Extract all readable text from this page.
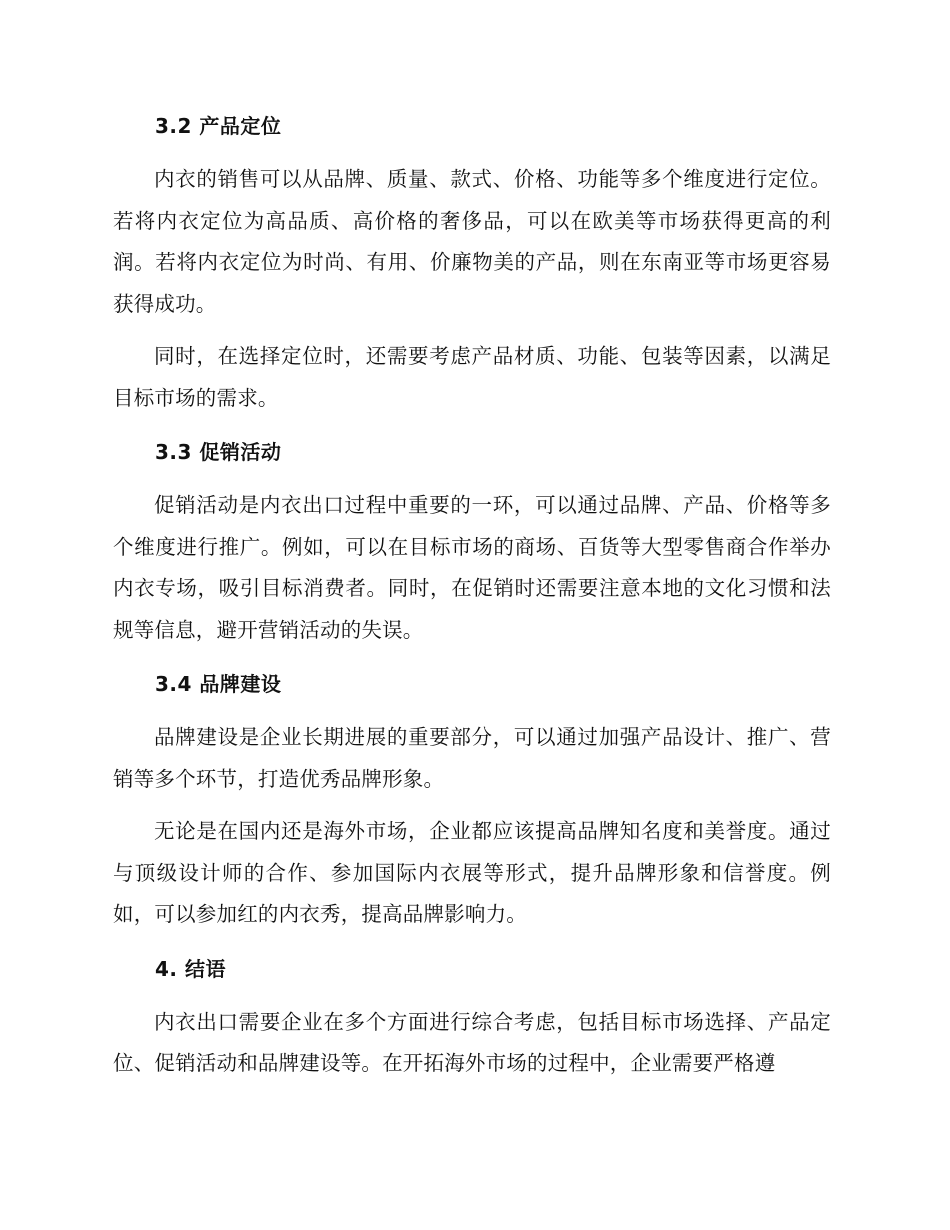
3.2 产品定位

内衣的销售可以从品牌、质量、款式、价格、功能等多个维度进行定位。若将内衣定位为高品质、高价格的奢侈品，可以在欧美等市场获得更高的利润。若将内衣定位为时尚、有用、价廉物美的产品，则在东南亚等市场更容易获得成功。

同时，在选择定位时，还需要考虑产品材质、功能、包装等因素，以满足目标市场的需求。

3.3 促销活动

促销活动是内衣出口过程中重要的一环，可以通过品牌、产品、价格等多个维度进行推广。例如，可以在目标市场的商场、百货等大型零售商合作举办内衣专场，吸引目标消费者。同时，在促销时还需要注意本地的文化习惯和法规等信息，避开营销活动的失误。

3.4 品牌建设

品牌建设是企业长期进展的重要部分，可以通过加强产品设计、推广、营销等多个环节，打造优秀品牌形象。

无论是在国内还是海外市场，企业都应该提高品牌知名度和美誉度。通过与顶级设计师的合作、参加国际内衣展等形式，提升品牌形象和信誉度。例如，可以参加红的内衣秀，提高品牌影响力。

4. 结语

内衣出口需要企业在多个方面进行综合考虑，包括目标市场选择、产品定位、促销活动和品牌建设等。在开拓海外市场的过程中，企业需要严格遵
